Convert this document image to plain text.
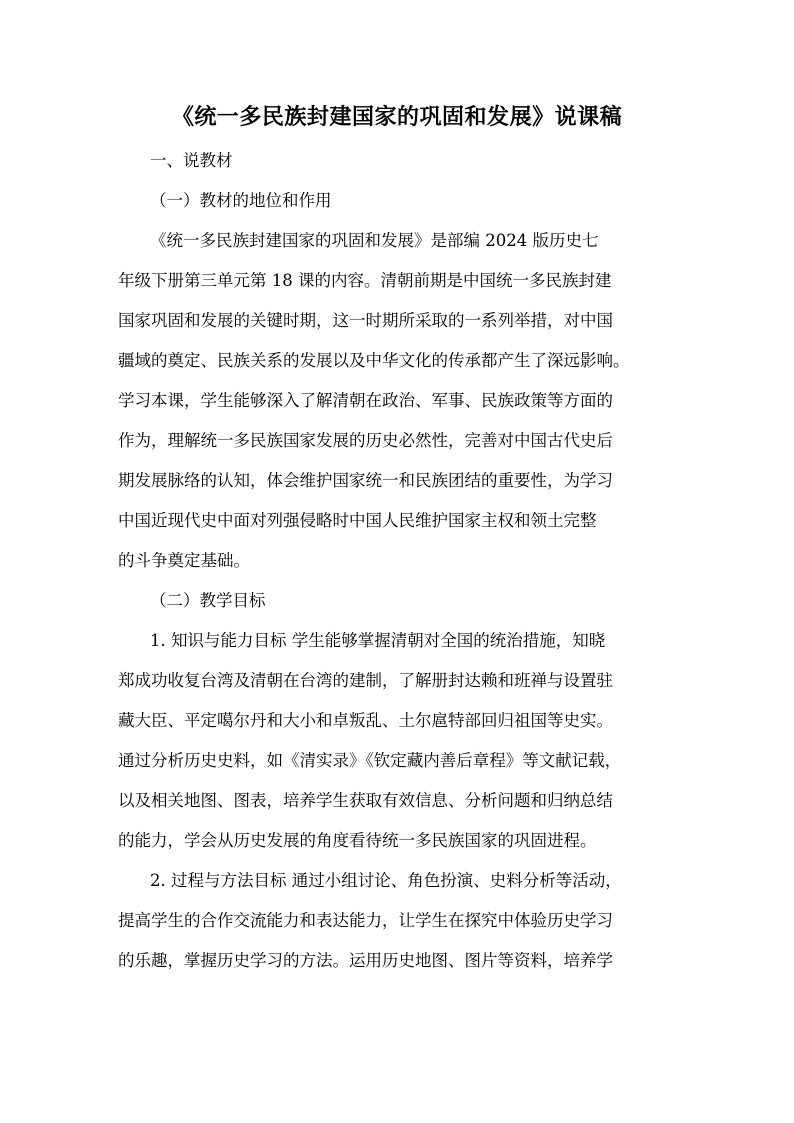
《统一多民族封建国家的巩固和发展》说课稿
一、说教材
（一）教材的地位和作用
《统一多民族封建国家的巩固和发展》是部编 2024 版历史七
年级下册第三单元第 18 课的内容。清朝前期是中国统一多民族封建
国家巩固和发展的关键时期，这一时期所采取的一系列举措，对中国
疆域的奠定、民族关系的发展以及中华文化的传承都产生了深远影响。
学习本课，学生能够深入了解清朝在政治、军事、民族政策等方面的
作为，理解统一多民族国家发展的历史必然性，完善对中国古代史后
期发展脉络的认知，体会维护国家统一和民族团结的重要性，为学习
中国近现代史中面对列强侵略时中国人民维护国家主权和领土完整
的斗争奠定基础。
（二）教学目标
1. 知识与能力目标 学生能够掌握清朝对全国的统治措施，知晓
郑成功收复台湾及清朝在台湾的建制，了解册封达赖和班禅与设置驻
藏大臣、平定噶尔丹和大小和卓叛乱、土尔扈特部回归祖国等史实。
通过分析历史史料，如《清实录》《钦定藏内善后章程》等文献记载，
以及相关地图、图表，培养学生获取有效信息、分析问题和归纳总结
的能力，学会从历史发展的角度看待统一多民族国家的巩固进程。
2. 过程与方法目标 通过小组讨论、角色扮演、史料分析等活动，
提高学生的合作交流能力和表达能力，让学生在探究中体验历史学习
的乐趣，掌握历史学习的方法。运用历史地图、图片等资料，培养学
